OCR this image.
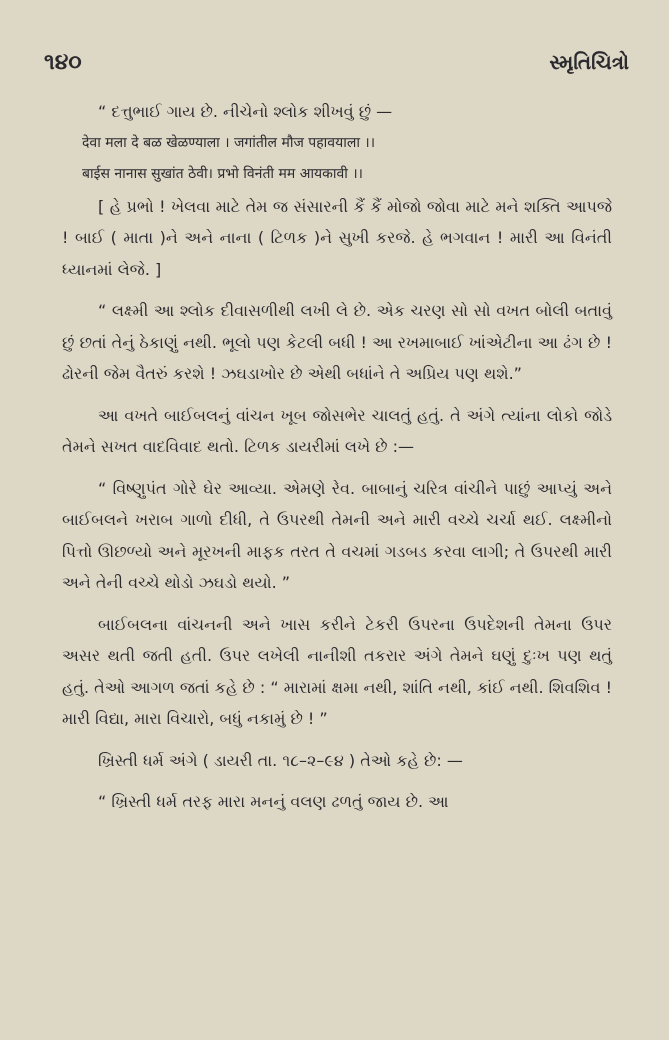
૧૪૦	સ્મૃતિચિત્રો

“ દત્તુભાઈ ગાય છે. નીચેનો શ્લોક શીખવું છું —

देवा मला दे बळ खेळण्याला । जगांतील मौज पहावयाला ।।

बाईस नानास सुखांत ठेवी। प्रभो विनंती मम आयकावी ।।

[ હે પ્રભો ! ખેલવા માટે તેમ જ સંસારની કૈં કૈં મોજો જોવા માટે મને શક્તિ આપજે ! બાઈ ( માતા )ને અને નાના ( ટિળક )ને સુખી કરજે. હે ભગવાન ! મારી આ વિનંતી ધ્યાનમાં લેજે. ]

“ લક્ષ્મી આ શ્લોક દીવાસળીથી લખી લે છે. એક ચરણ સો સો વખત બોલી બતાવું છું છતાં તેનું ઠેકાણું નથી. ભૂલો પણ કેટલી બધી ! આ રખમાબાઈ ખાંએટીના આ ઢંગ છે ! ઢોરની જેમ વૈતરું કરશે ! ઝઘડાખોર છે એથી બધાંને તે અપ્રિય પણ થશે.”

આ વખતે બાઈબલનું વાંચન ખૂબ જોસભેર ચાલતું હતું. તે અંગે ત્યાંના લોકો જોડે તેમને સખત વાદવિવાદ થતો. ટિળક ડાયરીમાં લખે છે :—

“ વિષ્ણુપંત ગોરે ઘેર આવ્યા. એમણે રેવ. બાબાનું ચરિત્ર વાંચીને પાછું આપ્યું અને બાઈબલને ખરાબ ગાળો દીધી, તે ઉપરથી તેમની અને મારી વચ્ચે ચર્ચા થઈ. લક્ષ્મીનો પિત્તો ઊછળ્યો અને મૂરખની માફક તરત તે વચમાં ગડબડ કરવા લાગી; તે ઉપરથી મારી અને તેની વચ્ચે થોડો ઝઘડો થયો. ”

બાઈબલના વાંચનની અને ખાસ કરીને ટેકરી ઉપરના ઉપદેશની તેમના ઉપર અસર થતી જતી હતી. ઉપર લખેલી નાનીશી તકરાર અંગે તેમને ઘણું દુઃખ પણ થતું હતું. તેઓ આગળ જતાં કહે છે : “ મારામાં ક્ષમા નથી, શાંતિ નથી, કાંઈ નથી. શિવશિવ ! મારી વિદ્યા, મારા વિચારો, બધું નકામું છે ! ”

ખ્રિસ્તી ધર્મ અંગે ( ડાયરી તા. ૧૮–૨–૯૪ ) તેઓ કહે છે: —

“ ખ્રિસ્તી ધર્મ તરફ મારા મનનું વલણ ઢળતું જાય છે. આ
